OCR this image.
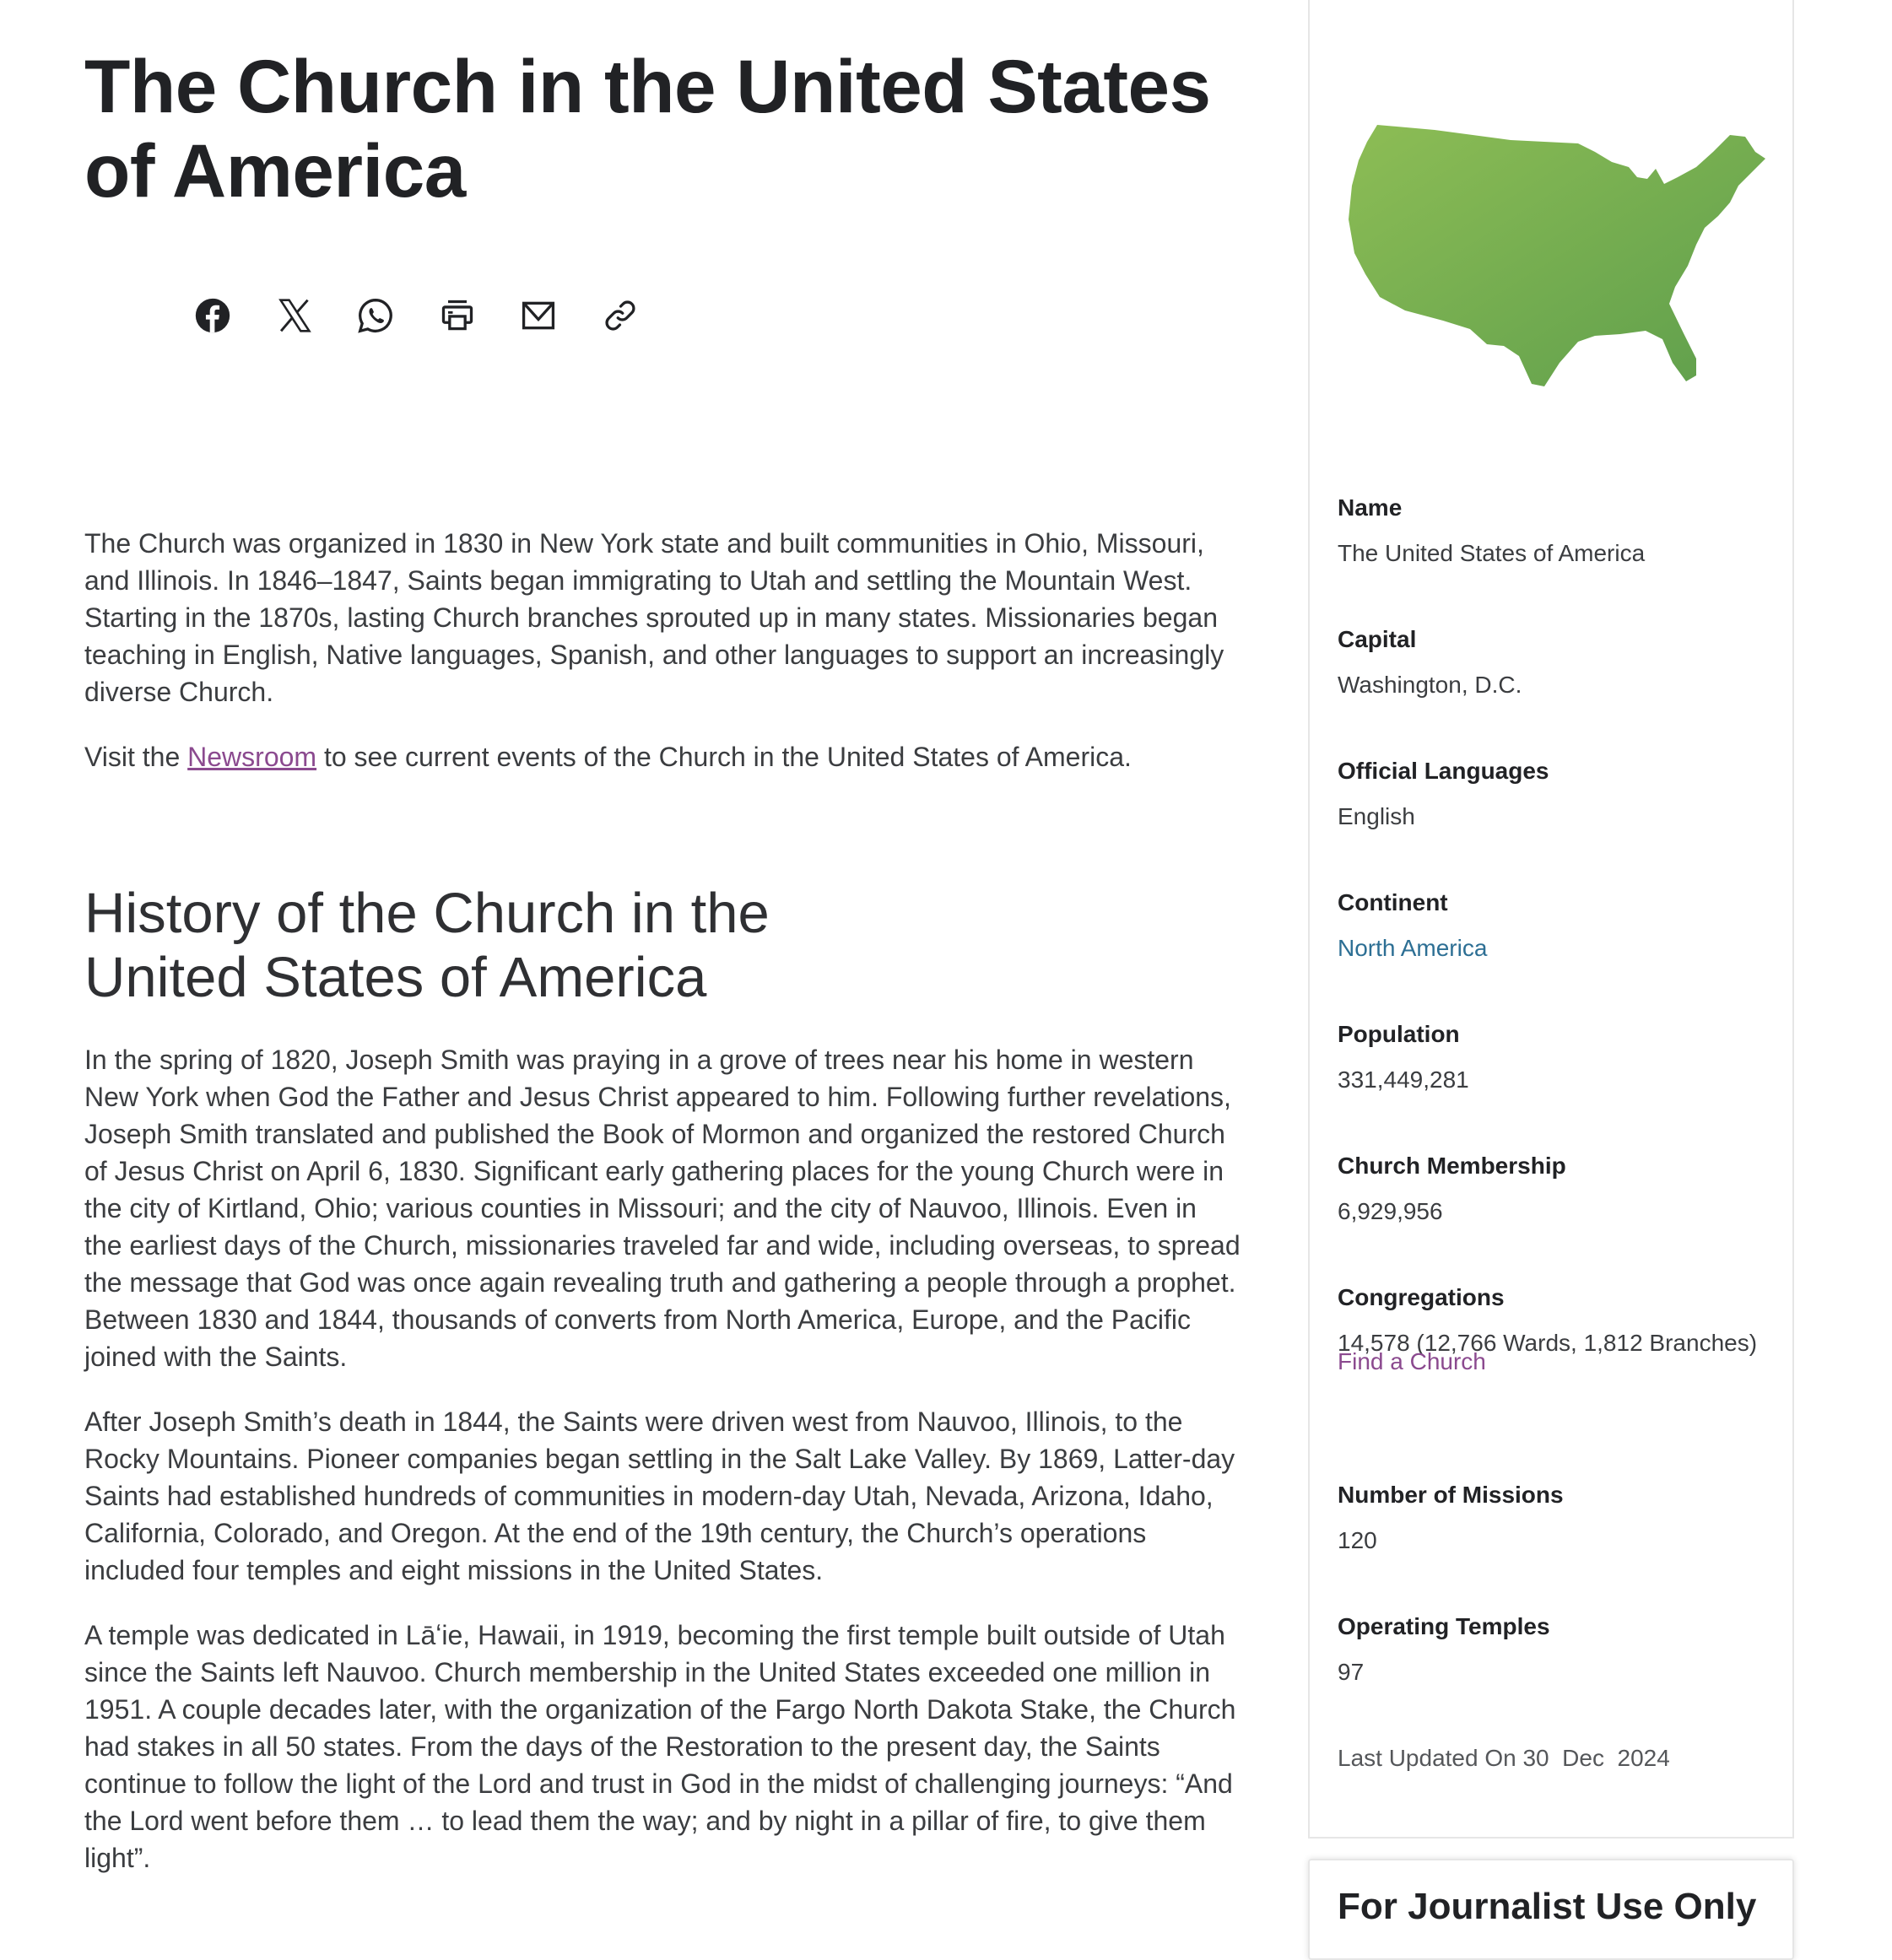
The Church in the United States of America

The Church was organized in 1830 in New York state and built communities in Ohio, Missouri, and Illinois. In 1846–1847, Saints began immigrating to Utah and settling the Mountain West. Starting in the 1870s, lasting Church branches sprouted up in many states. Missionaries began teaching in English, Native languages, Spanish, and other languages to support an increasingly diverse Church.

Visit the Newsroom to see current events of the Church in the United States of America.

History of the Church in the United States of America

In the spring of 1820, Joseph Smith was praying in a grove of trees near his home in western New York when God the Father and Jesus Christ appeared to him. Following further revelations, Joseph Smith translated and published the Book of Mormon and organized the restored Church of Jesus Christ on April 6, 1830. Significant early gathering places for the young Church were in the city of Kirtland, Ohio; various counties in Missouri; and the city of Nauvoo, Illinois. Even in the earliest days of the Church, missionaries traveled far and wide, including overseas, to spread the message that God was once again revealing truth and gathering a people through a prophet. Between 1830 and 1844, thousands of converts from North America, Europe, and the Pacific joined with the Saints.

After Joseph Smith’s death in 1844, the Saints were driven west from Nauvoo, Illinois, to the Rocky Mountains. Pioneer companies began settling in the Salt Lake Valley. By 1869, Latter-day Saints had established hundreds of communities in modern-day Utah, Nevada, Arizona, Idaho, California, Colorado, and Oregon. At the end of the 19th century, the Church’s operations included four temples and eight missions in the United States.

A temple was dedicated in Lāʻie, Hawaii, in 1919, becoming the first temple built outside of Utah since the Saints left Nauvoo. Church membership in the United States exceeded one million in 1951. A couple decades later, with the organization of the Fargo North Dakota Stake, the Church had stakes in all 50 states. From the days of the Restoration to the present day, the Saints continue to follow the light of the Lord and trust in God in the midst of challenging journeys: “And the Lord went before them … to lead them the way; and by night in a pillar of fire, to give them light”.

Name
The United States of America
Capital
Washington, D.C.
Official Languages
English
Continent
North America
Population
331,449,281
Church Membership
6,929,956
Congregations
14,578 (12,766 Wards, 1,812 Branches)
Find a Church
Number of Missions
120
Operating Temples
97
Last Updated On 30  Dec  2024
For Journalist Use Only
